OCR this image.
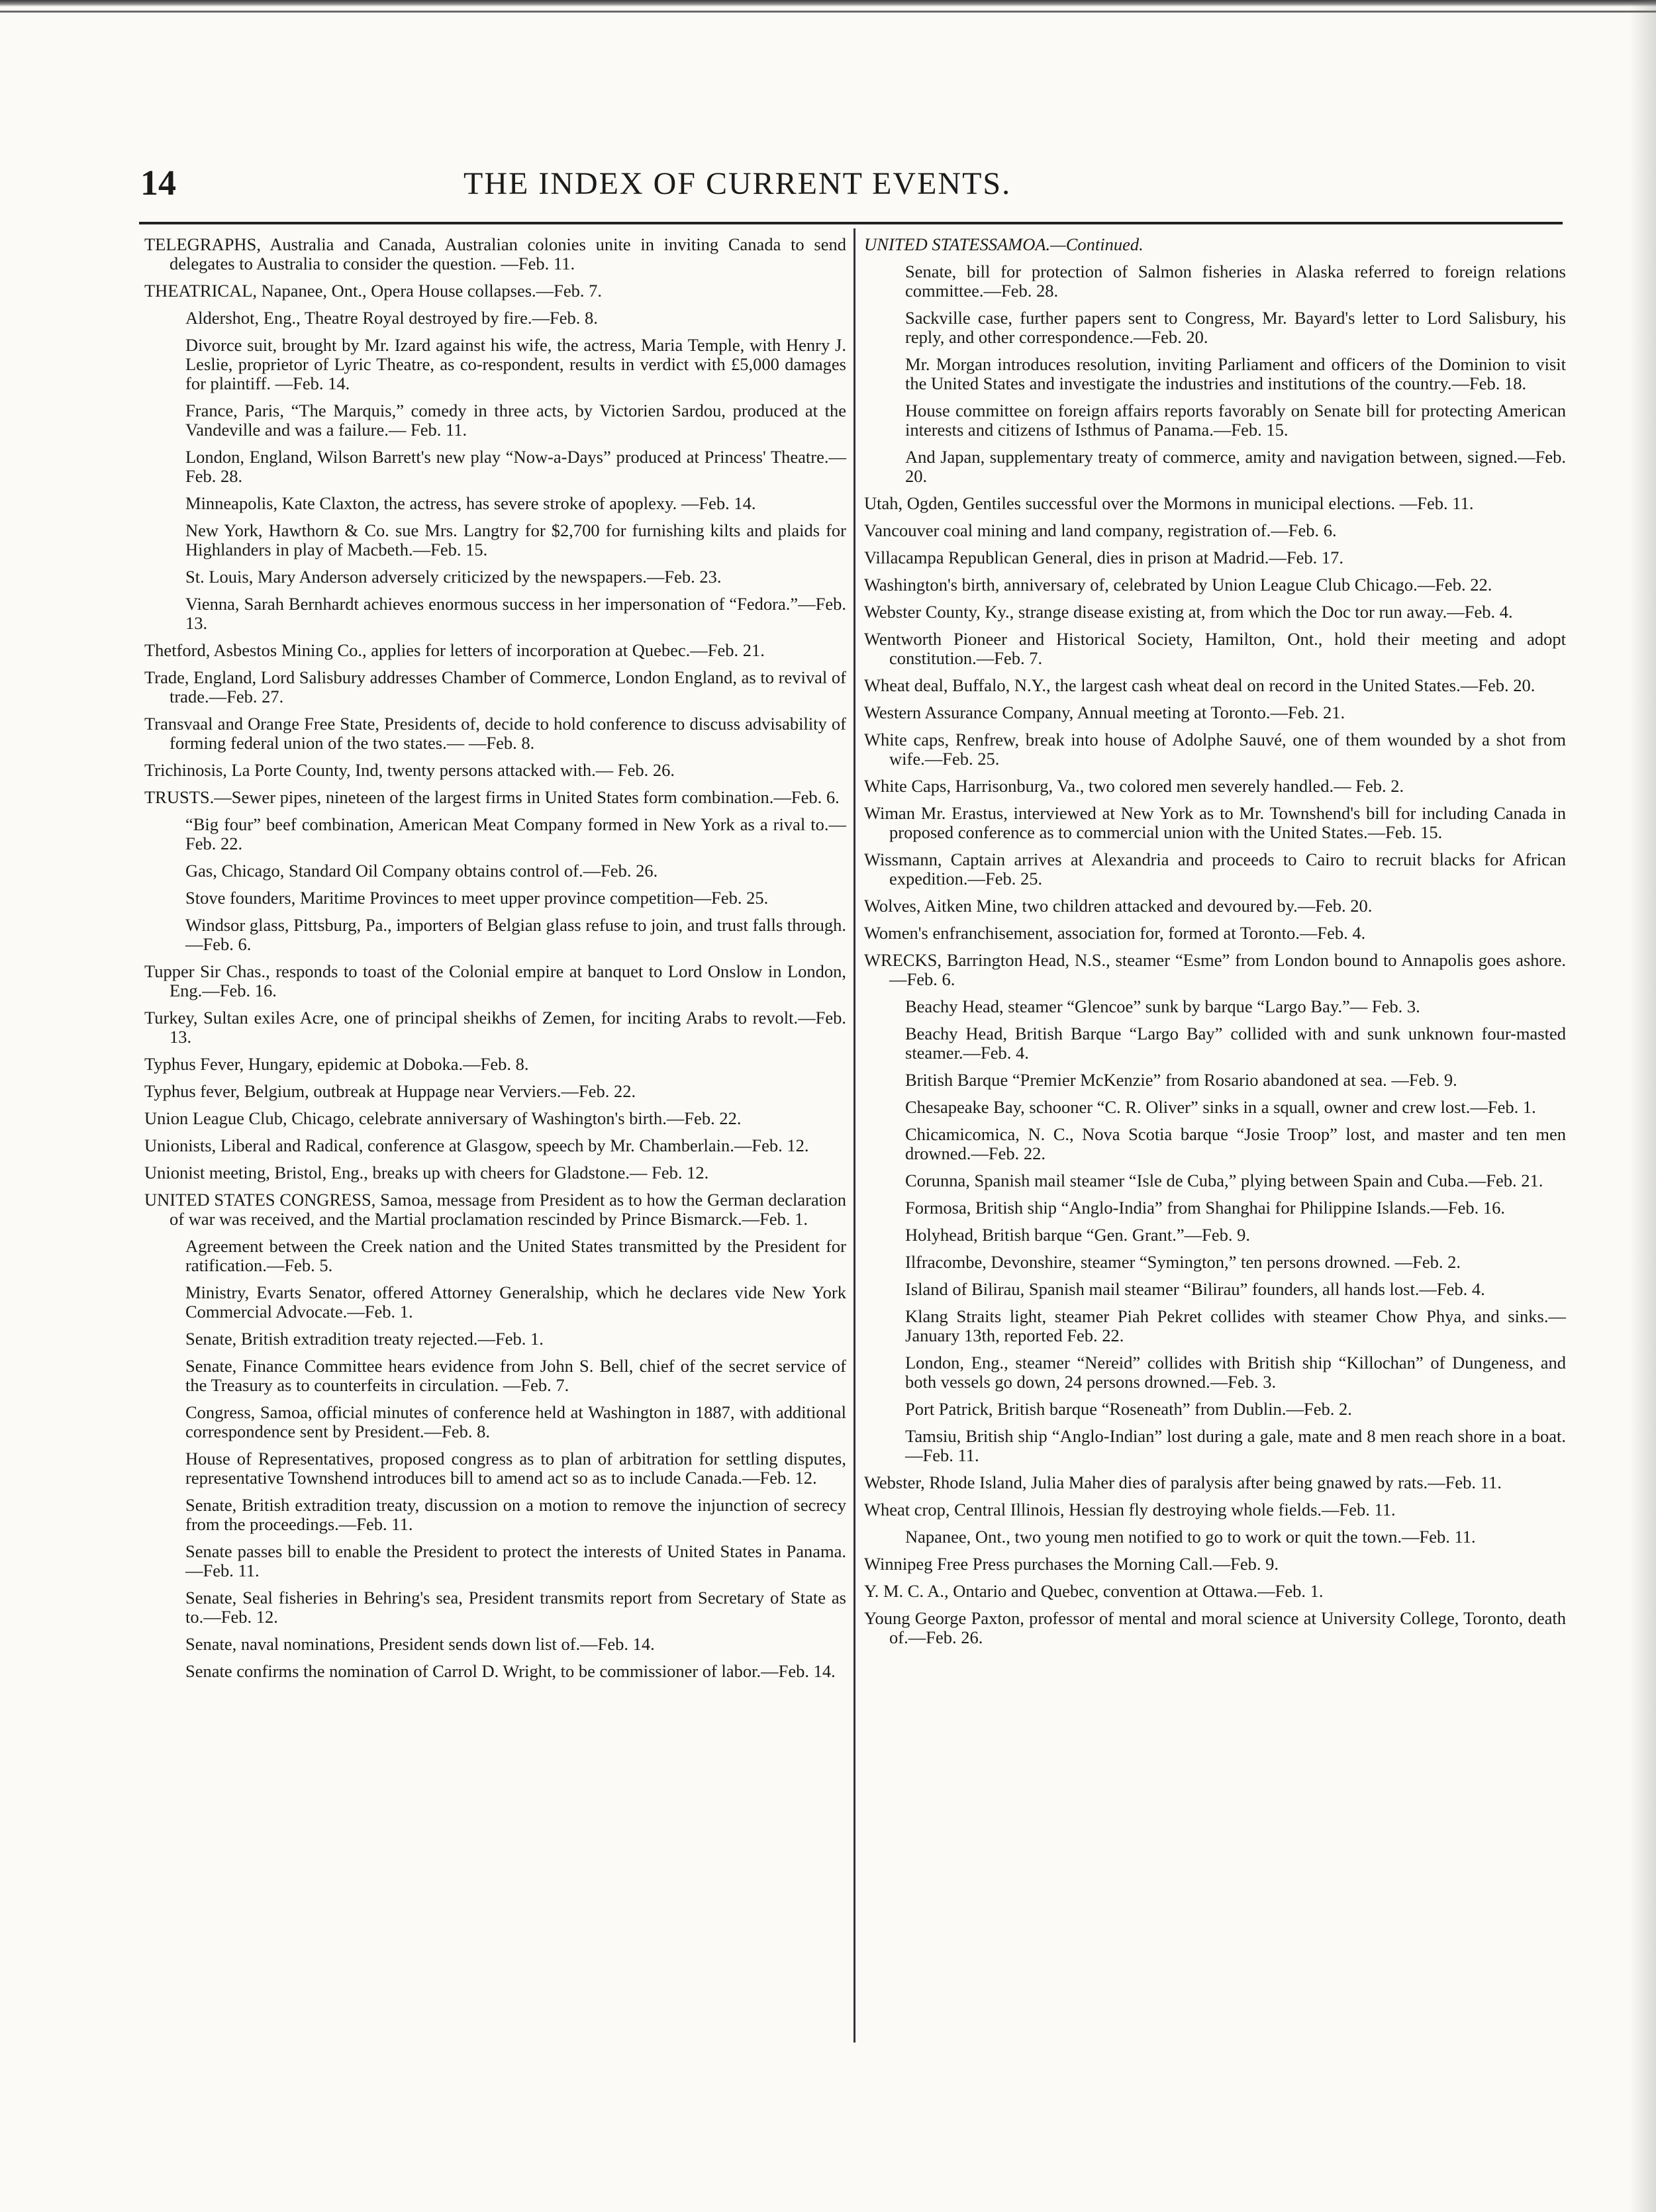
14	THE INDEX OF CURRENT EVENTS.
TELEGRAPHS, Australia and Canada, Australian colonies unite in inviting Canada to send delegates to Australia to consider the question. —Feb. 11.
THEATRICAL, Napanee, Ont., Opera House collapses.—Feb. 7.
Aldershot, Eng., Theatre Royal destroyed by fire.—Feb. 8.
Divorce suit, brought by Mr. Izard against his wife, the actress, Maria Temple, with Henry J. Leslie, proprietor of Lyric Theatre, as co-respondent, results in verdict with £5,000 damages for plaintiff. —Feb. 14.
France, Paris, “The Marquis,” comedy in three acts, by Victorien Sardou, produced at the Vandeville and was a failure.— Feb. 11.
London, England, Wilson Barrett's new play “Now-a-Days” produced at Princess' Theatre.—Feb. 28.
Minneapolis, Kate Claxton, the actress, has severe stroke of apoplexy. —Feb. 14.
New York, Hawthorn & Co. sue Mrs. Langtry for $2,700 for furnishing kilts and plaids for Highlanders in play of Macbeth.—Feb. 15.
St. Louis, Mary Anderson adversely criticized by the newspapers.—Feb. 23.
Vienna, Sarah Bernhardt achieves enormous success in her impersonation of “Fedora.”—Feb. 13.
Thetford, Asbestos Mining Co., applies for letters of incorporation at Quebec.—Feb. 21.
Trade, England, Lord Salisbury addresses Chamber of Commerce, London England, as to revival of trade.—Feb. 27.
Transvaal and Orange Free State, Presidents of, decide to hold conference to discuss advisability of forming federal union of the two states.— —Feb. 8.
Trichinosis, La Porte County, Ind, twenty persons attacked with.— Feb. 26.
TRUSTS.—Sewer pipes, nineteen of the largest firms in United States form combination.—Feb. 6.
“Big four” beef combination, American Meat Company formed in New York as a rival to.—Feb. 22.
Gas, Chicago, Standard Oil Company obtains control of.—Feb. 26.
Stove founders, Maritime Provinces to meet upper province competition—Feb. 25.
Windsor glass, Pittsburg, Pa., importers of Belgian glass refuse to join, and trust falls through.—Feb. 6.
Tupper Sir Chas., responds to toast of the Colonial empire at banquet to Lord Onslow in London, Eng.—Feb. 16.
Turkey, Sultan exiles Acre, one of principal sheikhs of Zemen, for inciting Arabs to revolt.—Feb. 13.
Typhus Fever, Hungary, epidemic at Doboka.—Feb. 8.
Typhus fever, Belgium, outbreak at Huppage near Verviers.—Feb. 22.
Union League Club, Chicago, celebrate anniversary of Washington's birth.—Feb. 22.
Unionists, Liberal and Radical, conference at Glasgow, speech by Mr. Chamberlain.—Feb. 12.
Unionist meeting, Bristol, Eng., breaks up with cheers for Gladstone.— Feb. 12.
UNITED STATES CONGRESS, Samoa, message from President as to how the German declaration of war was received, and the Martial proclamation rescinded by Prince Bismarck.—Feb. 1.
Agreement between the Creek nation and the United States transmitted by the President for ratification.—Feb. 5.
Ministry, Evarts Senator, offered Attorney Generalship, which he declares vide New York Commercial Advocate.—Feb. 1.
Senate, British extradition treaty rejected.—Feb. 1.
Senate, Finance Committee hears evidence from John S. Bell, chief of the secret service of the Treasury as to counterfeits in circulation. —Feb. 7.
Congress, Samoa, official minutes of conference held at Washington in 1887, with additional correspondence sent by President.—Feb. 8.
House of Representatives, proposed congress as to plan of arbitration for settling disputes, representative Townshend introduces bill to amend act so as to include Canada.—Feb. 12.
Senate, British extradition treaty, discussion on a motion to remove the injunction of secrecy from the proceedings.—Feb. 11.
Senate passes bill to enable the President to protect the interests of United States in Panama.—Feb. 11.
Senate, Seal fisheries in Behring's sea, President transmits report from Secretary of State as to.—Feb. 12.
Senate, naval nominations, President sends down list of.—Feb. 14.
Senate confirms the nomination of Carrol D. Wright, to be commissioner of labor.—Feb. 14.
UNITED STATESSAMOA.—Continued.
Senate, bill for protection of Salmon fisheries in Alaska referred to foreign relations committee.—Feb. 28.
Sackville case, further papers sent to Congress, Mr. Bayard's letter to Lord Salisbury, his reply, and other correspondence.—Feb. 20.
Mr. Morgan introduces resolution, inviting Parliament and officers of the Dominion to visit the United States and investigate the industries and institutions of the country.—Feb. 18.
House committee on foreign affairs reports favorably on Senate bill for protecting American interests and citizens of Isthmus of Panama.—Feb. 15.
And Japan, supplementary treaty of commerce, amity and navigation between, signed.—Feb. 20.
Utah, Ogden, Gentiles successful over the Mormons in municipal elections. —Feb. 11.
Vancouver coal mining and land company, registration of.—Feb. 6.
Villacampa Republican General, dies in prison at Madrid.—Feb. 17.
Washington's birth, anniversary of, celebrated by Union League Club Chicago.—Feb. 22.
Webster County, Ky., strange disease existing at, from which the Doc tor run away.—Feb. 4.
Wentworth Pioneer and Historical Society, Hamilton, Ont., hold their meeting and adopt constitution.—Feb. 7.
Wheat deal, Buffalo, N.Y., the largest cash wheat deal on record in the United States.—Feb. 20.
Western Assurance Company, Annual meeting at Toronto.—Feb. 21.
White caps, Renfrew, break into house of Adolphe Sauvé, one of them wounded by a shot from wife.—Feb. 25.
White Caps, Harrisonburg, Va., two colored men severely handled.— Feb. 2.
Wiman Mr. Erastus, interviewed at New York as to Mr. Townshend's bill for including Canada in proposed conference as to commercial union with the United States.—Feb. 15.
Wissmann, Captain arrives at Alexandria and proceeds to Cairo to recruit blacks for African expedition.—Feb. 25.
Wolves, Aitken Mine, two children attacked and devoured by.—Feb. 20.
Women's enfranchisement, association for, formed at Toronto.—Feb. 4.
WRECKS, Barrington Head, N.S., steamer “Esme” from London bound to Annapolis goes ashore.—Feb. 6.
Beachy Head, steamer “Glencoe” sunk by barque “Largo Bay.”— Feb. 3.
Beachy Head, British Barque “Largo Bay” collided with and sunk unknown four-masted steamer.—Feb. 4.
British Barque “Premier McKenzie” from Rosario abandoned at sea. —Feb. 9.
Chesapeake Bay, schooner “C. R. Oliver” sinks in a squall, owner and crew lost.—Feb. 1.
Chicamicomica, N. C., Nova Scotia barque “Josie Troop” lost, and master and ten men drowned.—Feb. 22.
Corunna, Spanish mail steamer “Isle de Cuba,” plying between Spain and Cuba.—Feb. 21.
Formosa, British ship “Anglo-India” from Shanghai for Philippine Islands.—Feb. 16.
Holyhead, British barque “Gen. Grant.”—Feb. 9.
Ilfracombe, Devonshire, steamer “Symington,” ten persons drowned. —Feb. 2.
Island of Bilirau, Spanish mail steamer “Bilirau” founders, all hands lost.—Feb. 4.
Klang Straits light, steamer Piah Pekret collides with steamer Chow Phya, and sinks.—January 13th, reported Feb. 22.
London, Eng., steamer “Nereid” collides with British ship “Killochan” of Dungeness, and both vessels go down, 24 persons drowned.—Feb. 3.
Port Patrick, British barque “Roseneath” from Dublin.—Feb. 2.
Tamsiu, British ship “Anglo-Indian” lost during a gale, mate and 8 men reach shore in a boat.—Feb. 11.
Webster, Rhode Island, Julia Maher dies of paralysis after being gnawed by rats.—Feb. 11.
Wheat crop, Central Illinois, Hessian fly destroying whole fields.—Feb. 11.
Napanee, Ont., two young men notified to go to work or quit the town.—Feb. 11.
Winnipeg Free Press purchases the Morning Call.—Feb. 9.
Y. M. C. A., Ontario and Quebec, convention at Ottawa.—Feb. 1.
Young George Paxton, professor of mental and moral science at University College, Toronto, death of.—Feb. 26.
